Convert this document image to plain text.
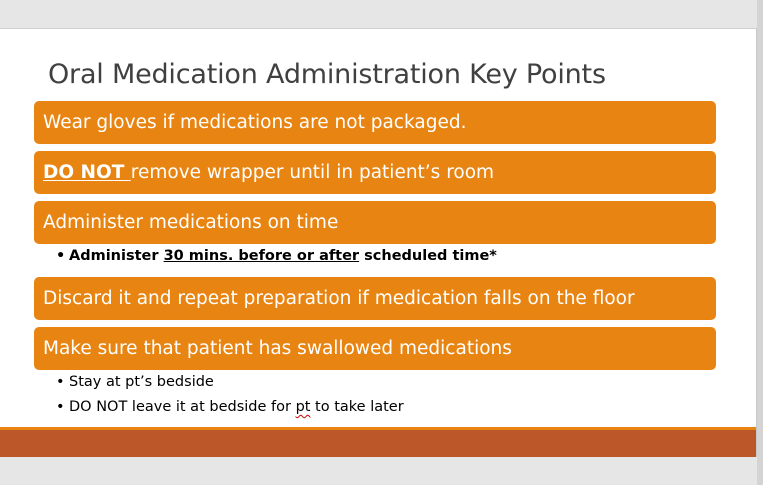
Oral Medication Administration Key Points
Wear gloves if medications are not packaged.
DO NOT remove wrapper until in patient’s room
Administer medications on time
• Administer 30 mins. before or after scheduled time*
Discard it and repeat preparation if medication falls on the floor
Make sure that patient has swallowed medications
• Stay at pt’s bedside
• DO NOT leave it at bedside for pt to take later
